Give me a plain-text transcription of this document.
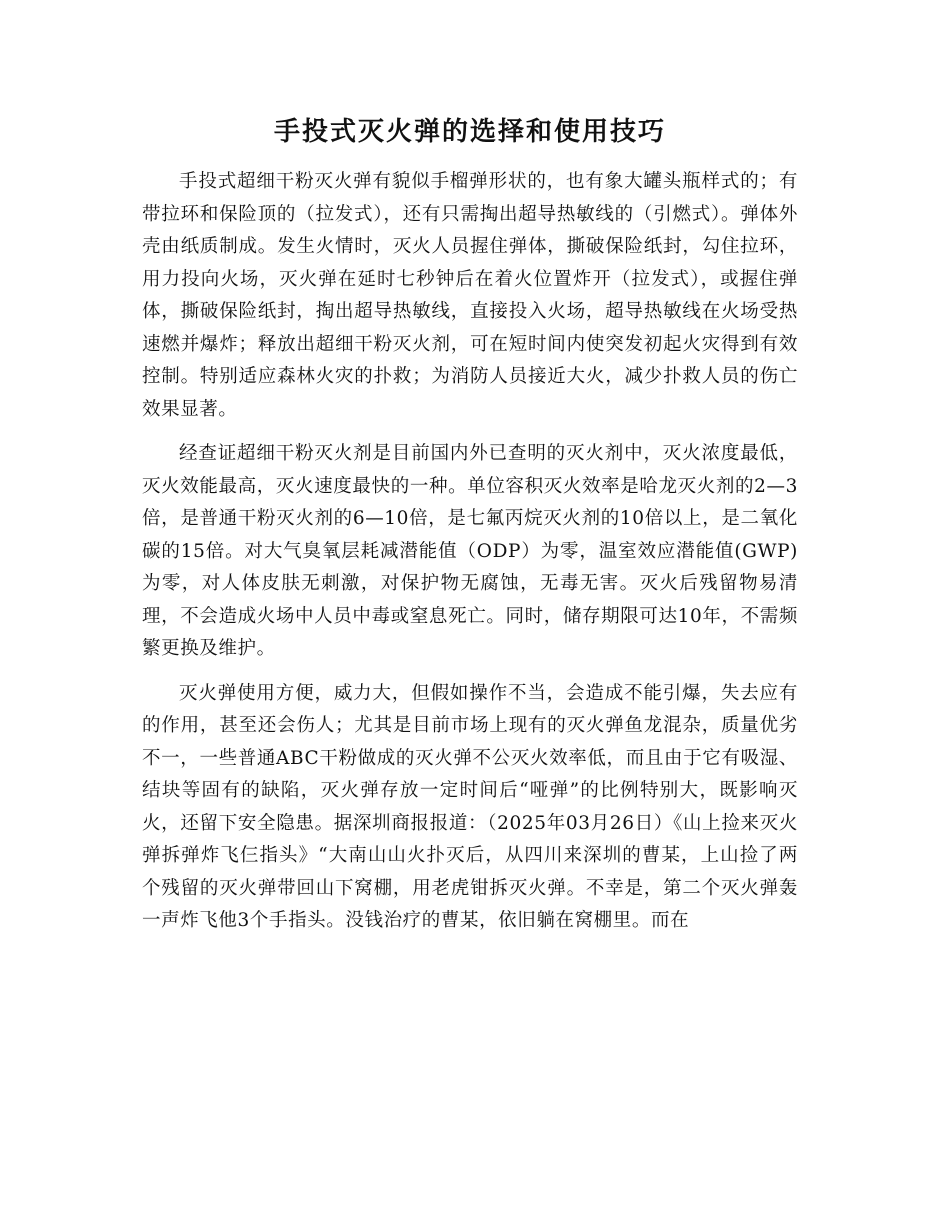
手投式灭火弹的选择和使用技巧

手投式超细干粉灭火弹有貌似手榴弹形状的，也有象大罐头瓶样式的；有带拉环和保险顶的（拉发式），还有只需掏出超导热敏线的（引燃式）。弹体外壳由纸质制成。发生火情时，灭火人员握住弹体，撕破保险纸封，勾住拉环，用力投向火场，灭火弹在延时七秒钟后在着火位置炸开（拉发式），或握住弹体，撕破保险纸封，掏出超导热敏线，直接投入火场，超导热敏线在火场受热速燃并爆炸；释放出超细干粉灭火剂，可在短时间内使突发初起火灾得到有效控制。特别适应森林火灾的扑救；为消防人员接近大火，减少扑救人员的伤亡效果显著。

经查证超细干粉灭火剂是目前国内外已查明的灭火剂中，灭火浓度最低，灭火效能最高，灭火速度最快的一种。单位容积灭火效率是哈龙灭火剂的2—3倍，是普通干粉灭火剂的6—10倍，是七氟丙烷灭火剂的10倍以上，是二氧化碳的15倍。对大气臭氧层耗减潜能值（ODP）为零，温室效应潜能值(GWP)为零，对人体皮肤无刺激，对保护物无腐蚀，无毒无害。灭火后残留物易清理，不会造成火场中人员中毒或窒息死亡。同时，储存期限可达10年，不需频繁更换及维护。

灭火弹使用方便，威力大，但假如操作不当，会造成不能引爆，失去应有的作用，甚至还会伤人；尤其是目前市场上现有的灭火弹鱼龙混杂，质量优劣不一，一些普通ABC干粉做成的灭火弹不公灭火效率低，而且由于它有吸湿、结块等固有的缺陷，灭火弹存放一定时间后“哑弹”的比例特别大，既影响灭火，还留下安全隐患。据深圳商报报道：（2025年03月26日）《山上捡来灭火弹拆弹炸飞仨指头》“大南山山火扑灭后，从四川来深圳的曹某，上山捡了两个残留的灭火弹带回山下窝棚，用老虎钳拆灭火弹。不幸是，第二个灭火弹轰一声炸飞他3个手指头。没钱治疗的曹某，依旧躺在窝棚里。而在
